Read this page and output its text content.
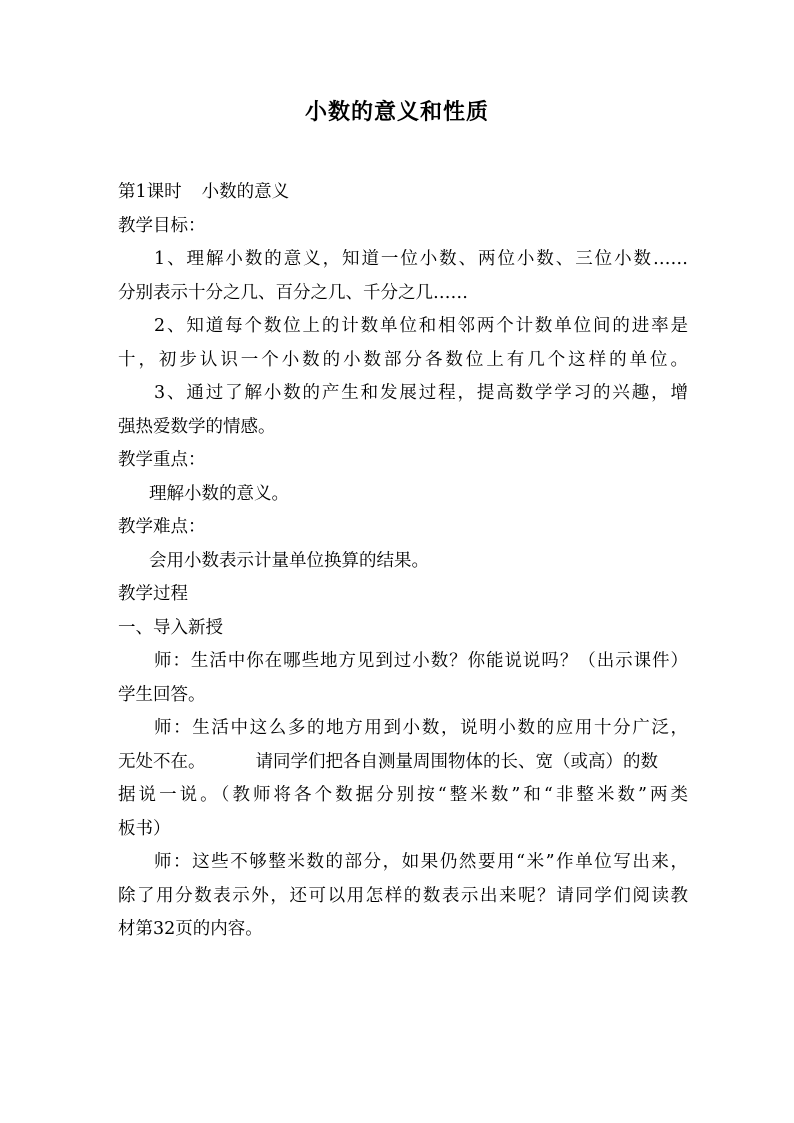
小数的意义和性质

第1课时 小数的意义

教学目标：

1、理解小数的意义，知道一位小数、两位小数、三位小数……

分别表示十分之几、百分之几、千分之几……

2、知道每个数位上的计数单位和相邻两个计数单位间的进率是

十，初步认识一个小数的小数部分各数位上有几个这样的单位。

3、通过了解小数的产生和发展过程，提高数学学习的兴趣，增

强热爱数学的情感。

教学重点：

理解小数的意义。

教学难点：

会用小数表示计量单位换算的结果。

教学过程

一、导入新授

师：生活中你在哪些地方见到过小数？你能说说吗？（出示课件）

学生回答。

师：生活中这么多的地方用到小数，说明小数的应用十分广泛，

无处不在。	请同学们把各自测量周围物体的长、宽（或高）的数

据说一说。（教师将各个数据分别按“整米数”和“非整米数”两类

板书）

师：这些不够整米数的部分，如果仍然要用“米”作单位写出来，

除了用分数表示外，还可以用怎样的数表示出来呢？请同学们阅读教

材第32页的内容。
